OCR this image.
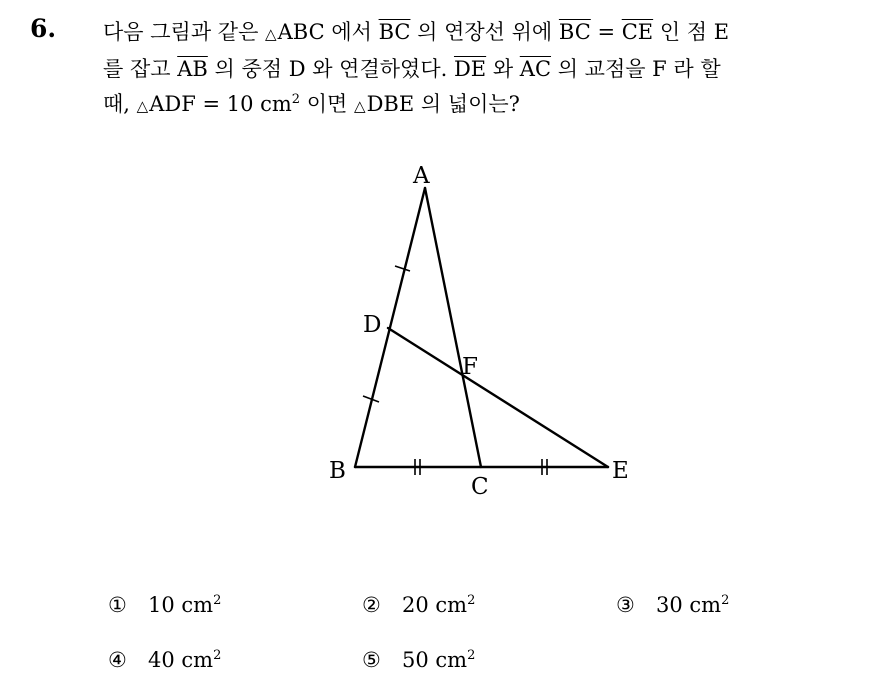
6. 다음 그림과 같은 △ABC 에서 $\overline{BC}$ 의 연장선 위에 $\overline{BC} = \overline{CE}$ 인 점 E
를 잡고 $\overline{AB}$ 의 중점 D 와 연결하였다. $\overline{DE}$ 와 $\overline{AC}$ 의 교점을 F 라 할
때, △ADF = 10 $cm^2$ 이면 △DBE 의 넓이는?
A
D
F
B
C
E
① 10 $cm^2$	② 20 $cm^2$	③ 30 $cm^2$
④ 40 $cm^2$	⑤ 50 $cm^2$
